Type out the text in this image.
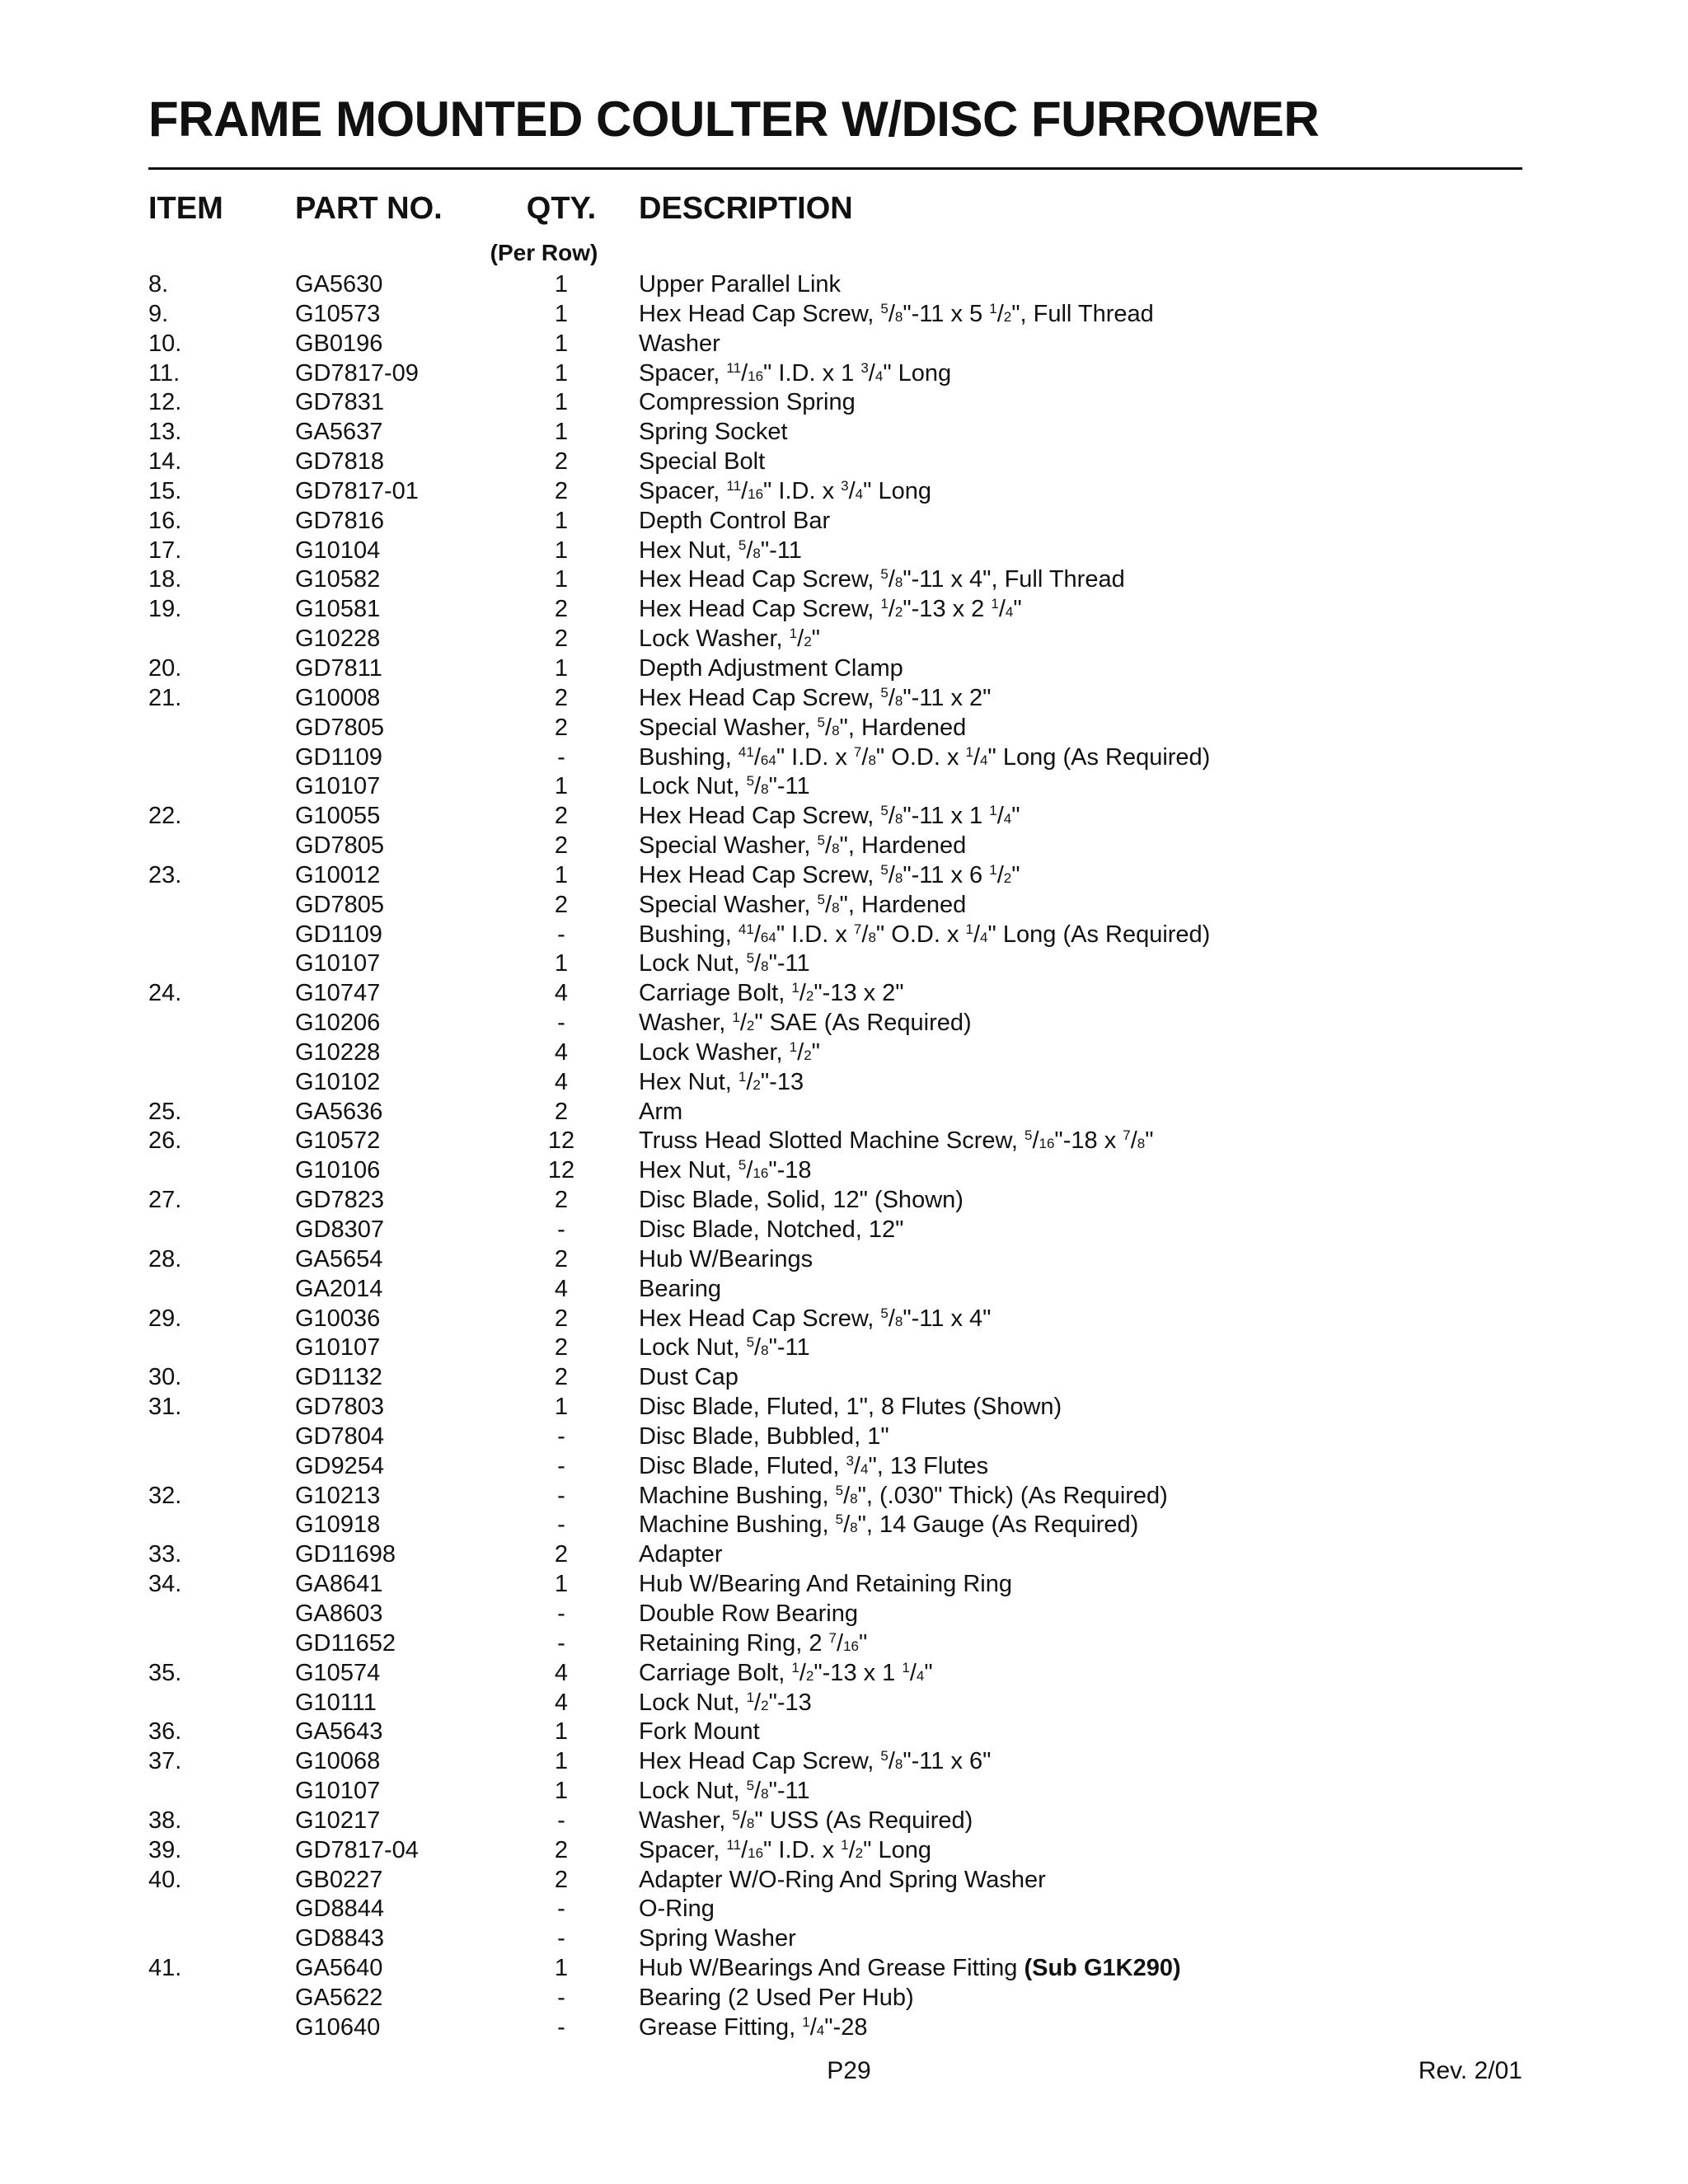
FRAME MOUNTED COULTER W/DISC FURROWER
ITEM PART NO.	QTY.	DESCRIPTION
(Per Row)
8.	GA5630	1	Upper Parallel Link
9.	G10573	1	Hex Head Cap Screw, $^5$/8"-11 x 5 $^1$/2", Full Thread
10.	GB0196	1	Washer
11.	GD7817-09	1	Spacer, $^{11}$/16" I.D. x 1 $^3$/4" Long
12.	GD7831	1	Compression Spring
13.	GA5637	1	Spring Socket
14.	GD7818	2	Special Bolt
15.	GD7817-01	2	Spacer, $^{11}$/16" I.D. x $^3$/4" Long
16.	GD7816	1	Depth Control Bar
17.	G10104	1	Hex Nut, $^5$/8"-11
18.	G10582	1	Hex Head Cap Screw, $^5$/8"-11 x 4", Full Thread
19.	G10581	2	Hex Head Cap Screw, $^1$/2"-13 x 2 $^1$/4"
G10228	2	Lock Washer, $^1$/2"
20.	GD7811	1	Depth Adjustment Clamp
21.	G10008	2	Hex Head Cap Screw, $^5$/8"-11 x 2"
GD7805	2	Special Washer, $^5$/8", Hardened
GD1109	-	Bushing, $^{41}$/64" I.D. x $^7$/8" O.D. x $^1$/4" Long (As Required)
G10107	1	Lock Nut, $^5$/8"-11
22.	G10055	2	Hex Head Cap Screw, $^5$/8"-11 x 1 $^1$/4"
GD7805	2	Special Washer, $^5$/8", Hardened
23.	G10012	1	Hex Head Cap Screw, $^5$/8"-11 x 6 $^1$/2"
GD7805	2	Special Washer, $^5$/8", Hardened
GD1109	-	Bushing, $^{41}$/64" I.D. x $^7$/8" O.D. x $^1$/4" Long (As Required)
G10107	1	Lock Nut, $^5$/8"-11
24.	G10747	4	Carriage Bolt, $^1$/2"-13 x 2"
G10206	-	Washer, $^1$/2" SAE (As Required)
G10228	4	Lock Washer, $^1$/2"
G10102	4	Hex Nut, $^1$/2"-13
25.	GA5636	2	Arm
26.	G10572	12	Truss Head Slotted Machine Screw, $^5$/16"-18 x $^7$/8"
G10106	12	Hex Nut, $^5$/16"-18
27.	GD7823	2	Disc Blade, Solid, 12" (Shown)
GD8307	-	Disc Blade, Notched, 12"
28.	GA5654	2	Hub W/Bearings
GA2014	4	Bearing
29.	G10036	2	Hex Head Cap Screw, $^5$/8"-11 x 4"
G10107	2	Lock Nut, $^5$/8"-11
30.	GD1132	2	Dust Cap
31.	GD7803	1	Disc Blade, Fluted, 1", 8 Flutes (Shown)
GD7804	-	Disc Blade, Bubbled, 1"
GD9254	-	Disc Blade, Fluted, $^3$/4", 13 Flutes
32.	G10213	-	Machine Bushing, $^5$/8", (.030" Thick) (As Required)
G10918	-	Machine Bushing, $^5$/8", 14 Gauge (As Required)
33.	GD11698	2	Adapter
34.	GA8641	1	Hub W/Bearing And Retaining Ring
GA8603	-	Double Row Bearing
GD11652	-	Retaining Ring, 2 $^7$/16"
35.	G10574	4	Carriage Bolt, $^1$/2"-13 x 1 $^1$/4"
G10111	4	Lock Nut, $^1$/2"-13
36.	GA5643	1	Fork Mount
37.	G10068	1	Hex Head Cap Screw, $^5$/8"-11 x 6"
G10107	1	Lock Nut, $^5$/8"-11
38.	G10217	-	Washer, $^5$/8" USS (As Required)
39.	GD7817-04	2	Spacer, $^{11}$/16" I.D. x $^1$/2" Long
40.	GB0227	2	Adapter W/O-Ring And Spring Washer
GD8844	-	O-Ring
GD8843	-	Spring Washer
41.	GA5640	1	Hub W/Bearings And Grease Fitting (Sub G1K290)
GA5622	-	Bearing (2 Used Per Hub)
G10640	-	Grease Fitting, $^1$/4"-28
P29	Rev. 2/01
